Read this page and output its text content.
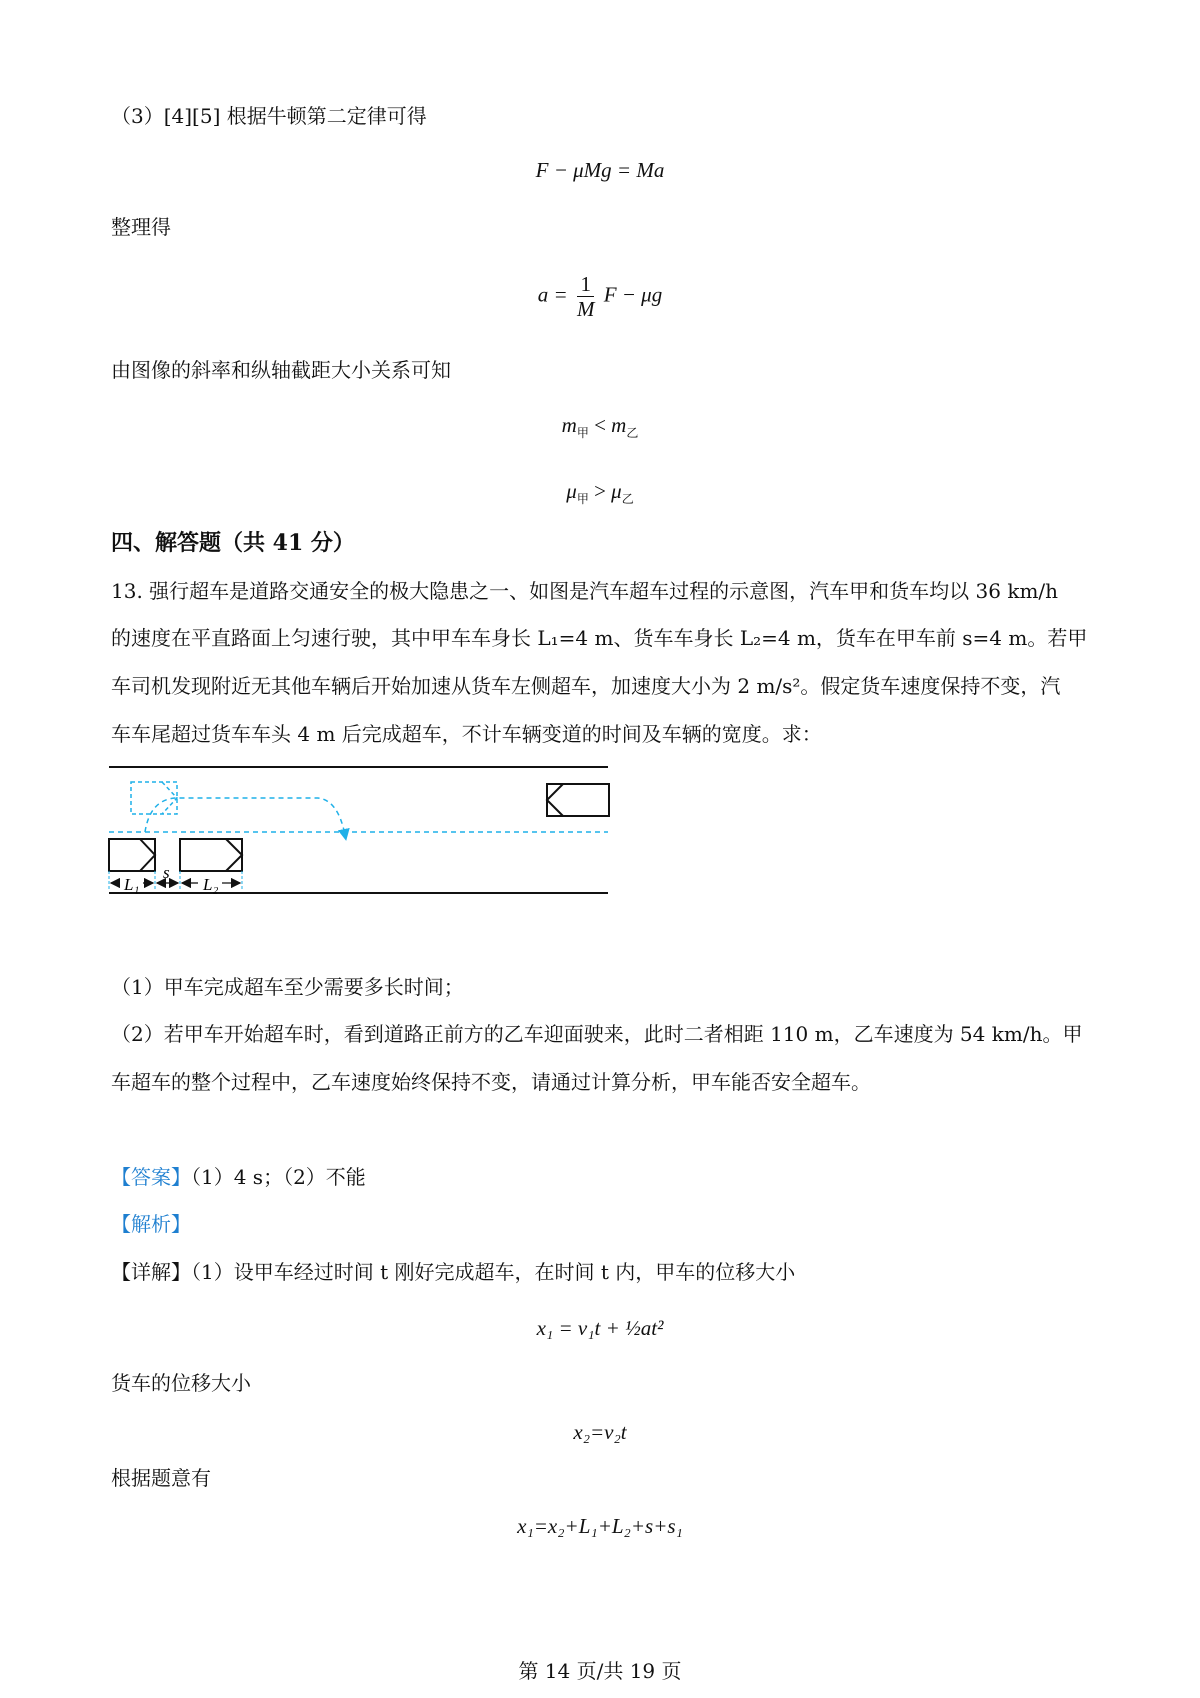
（3）[4][5] 根据牛顿第二定律可得
F − μMg = Ma
整理得
$a = \frac{1}{M}$ F − μg
由图像的斜率和纵轴截距大小关系可知
$m_甲 < m_乙$
$\mu_甲 > \mu_乙$
四、解答题（共 41 分）
13. 强行超车是道路交通安全的极大隐患之一、如图是汽车超车过程的示意图，汽车甲和货车均以 36 km/h
的速度在平直路面上匀速行驶，其中甲车车身长 L₁=4 m、货车车身长 L₂=4 m，货车在甲车前 s=4 m。若甲
车司机发现附近无其他车辆后开始加速从货车左侧超车，加速度大小为 2 m/s²。假定货车速度保持不变，汽
车车尾超过货车车头 4 m 后完成超车，不计车辆变道的时间及车辆的宽度。求：
L₁
s
L₂
（1）甲车完成超车至少需要多长时间；
（2）若甲车开始超车时，看到道路正前方的乙车迎面驶来，此时二者相距 110 m，乙车速度为 54 km/h。甲
车超车的整个过程中，乙车速度始终保持不变，请通过计算分析，甲车能否安全超车。
【答案】（1）4 s；（2）不能
【解析】
【详解】（1）设甲车经过时间 t 刚好完成超车，在时间 t 内，甲车的位移大小
x₁ = v₁t + ½at²
货车的位移大小
x₂=v₂t
根据题意有
x₁=x₂+L₁+L₂+s+s₁
第 14 页/共 19 页
